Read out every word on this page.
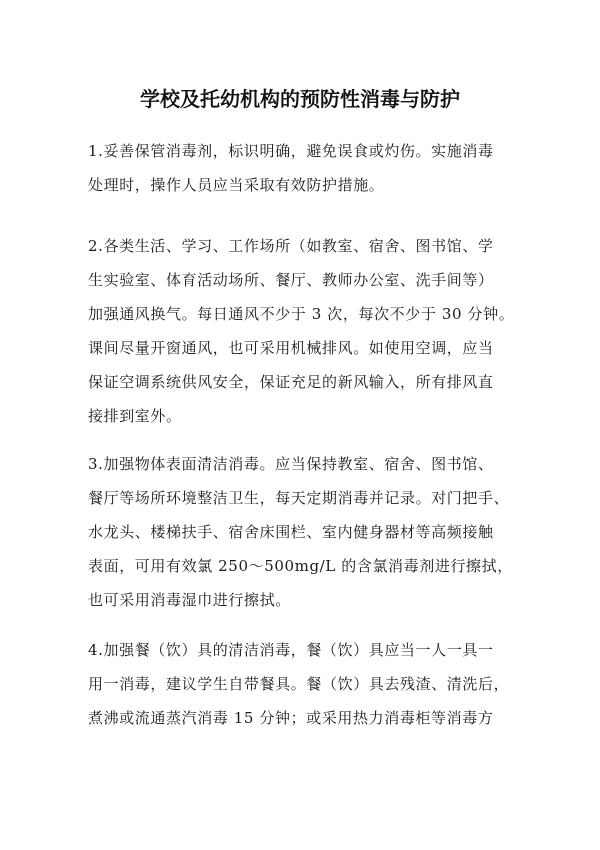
学校及托幼机构的预防性消毒与防护
1.妥善保管消毒剂，标识明确，避免误食或灼伤。实施消毒
处理时，操作人员应当采取有效防护措施。
2.各类生活、学习、工作场所（如教室、宿舍、图书馆、学
生实验室、体育活动场所、餐厅、教师办公室、洗手间等）
加强通风换气。每日通风不少于 3 次，每次不少于 30 分钟。
课间尽量开窗通风，也可采用机械排风。如使用空调，应当
保证空调系统供风安全，保证充足的新风输入，所有排风直
接排到室外。
3.加强物体表面清洁消毒。应当保持教室、宿舍、图书馆、
餐厅等场所环境整洁卫生，每天定期消毒并记录。对门把手、
水龙头、楼梯扶手、宿舍床围栏、室内健身器材等高频接触
表面，可用有效氯 250～500mg/L 的含氯消毒剂进行擦拭，
也可采用消毒湿巾进行擦拭。
4.加强餐（饮）具的清洁消毒，餐（饮）具应当一人一具一
用一消毒，建议学生自带餐具。餐（饮）具去残渣、清洗后，
煮沸或流通蒸汽消毒 15 分钟；或采用热力消毒柜等消毒方
